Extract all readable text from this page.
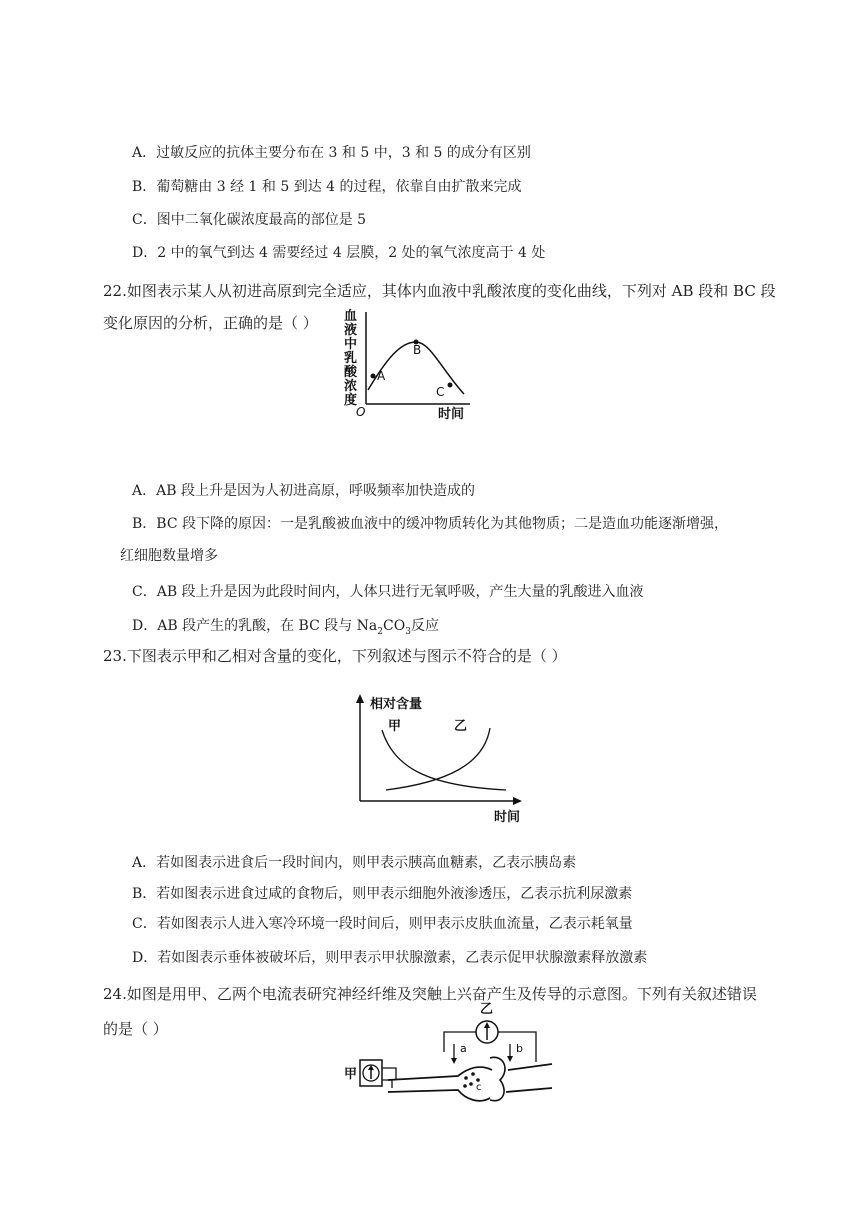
A．过敏反应的抗体主要分布在 3 和 5 中，3 和 5 的成分有区别
B．葡萄糖由 3 经 1 和 5 到达 4 的过程，依靠自由扩散来完成
C．图中二氧化碳浓度最高的部位是 5
D．2 中的氧气到达 4 需要经过 4 层膜，2 处的氧气浓度高于 4 处
22.如图表示某人从初进高原到完全适应，其体内血液中乳酸浓度的变化曲线，下列对 AB 段和 BC 段
变化原因的分析，正确的是（ ） 血
液
中
乳
酸
浓
度
A
B
C
O	时间
A．AB 段上升是因为人初进高原，呼吸频率加快造成的
B．BC 段下降的原因：一是乳酸被血液中的缓冲物质转化为其他物质；二是造血功能逐渐增强，
红细胞数量增多
C．AB 段上升是因为此段时间内，人体只进行无氧呼吸，产生大量的乳酸进入血液
D．AB 段产生的乳酸，在 BC 段与 $Na_2CO_3$反应
23.下图表示甲和乙相对含量的变化，下列叙述与图示不符合的是（ ）
相对含量
时间
甲	乙
A．若如图表示进食后一段时间内，则甲表示胰高血糖素，乙表示胰岛素
B．若如图表示进食过咸的食物后，则甲表示细胞外液渗透压，乙表示抗利尿激素
C．若如图表示人进入寒冷环境一段时间后，则甲表示皮肤血流量，乙表示耗氧量
D．若如图表示垂体被破坏后，则甲表示甲状腺激素，乙表示促甲状腺激素释放激素
24.如图是用甲、乙两个电流表研究神经纤维及突触上兴奋产生及传导的示意图。下列有关叙述错误
的是（ ）
甲
c
乙
a	b
